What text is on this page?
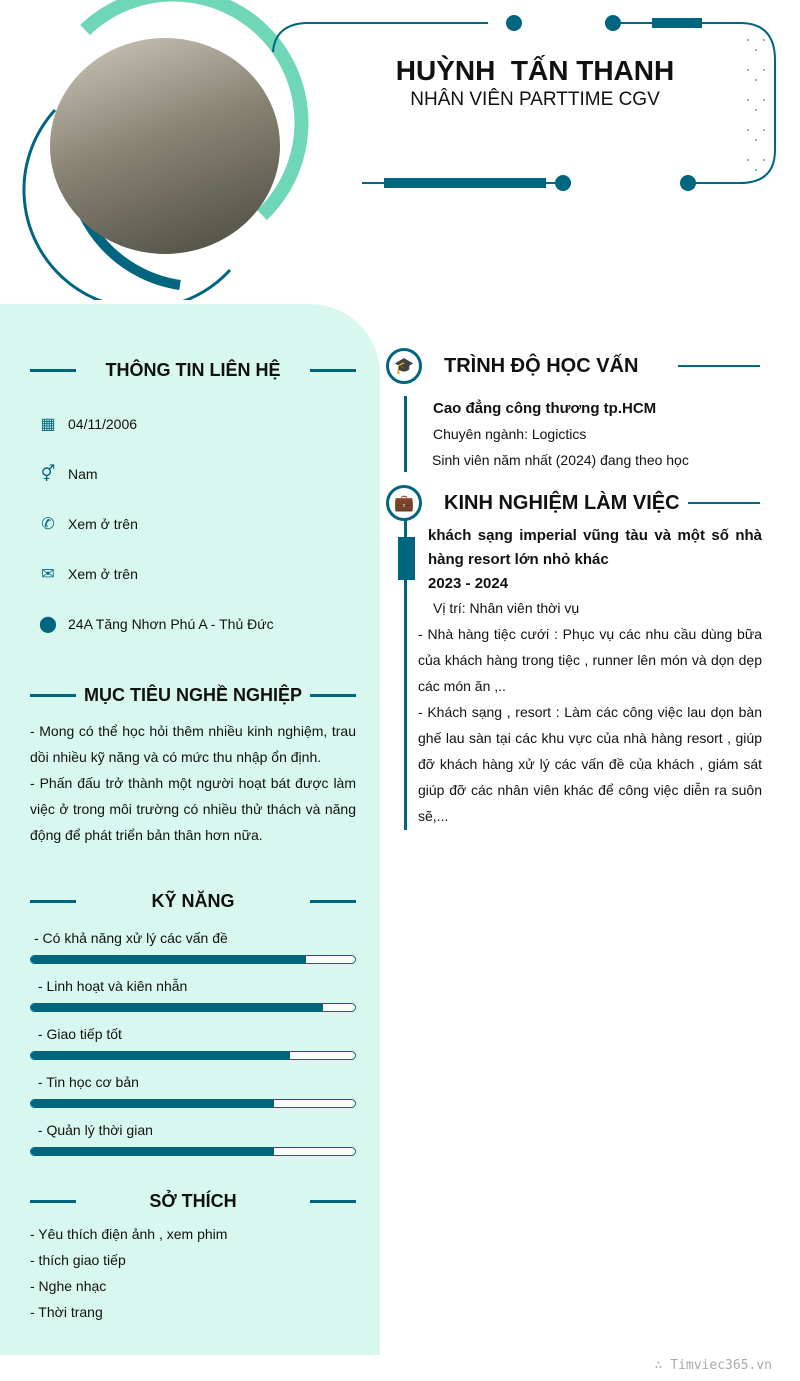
HUỲNH  TẤN THANH
NHÂN VIÊN PARTTIME CGV
THÔNG TIN LIÊN HỆ
▦ 04/11/2006
⚥ Nam
✆ Xem ở trên
✉ Xem ở trên
⬤ 24A Tăng Nhơn Phú A - Thủ Đức
MỤC TIÊU NGHỀ NGHIỆP
- Mong có thể học hỏi thêm nhiều kinh nghiệm, trau dồi nhiều kỹ năng và có mức thu nhập ổn định.
- Phấn đấu trở thành một người hoạt bát được làm việc ở trong môi trường có nhiều thử thách và năng động để phát triển bản thân hơn nữa.
KỸ NĂNG
- Có khả năng xử lý các vấn đề
- Linh hoạt và kiên nhẫn
- Giao tiếp tốt
- Tin học cơ bản
- Quản lý thời gian
SỞ THÍCH
- Yêu thích điện ảnh , xem phim
- thích giao tiếp
- Nghe nhạc
- Thời trang
🎓	TRÌNH ĐỘ HỌC VẤN
Cao đẳng công thương tp.HCM
Chuyên ngành: Logictics
Sinh viên năm nhất (2024) đang theo học
💼	KINH NGHIỆM LÀM VIỆC
khách sạng imperial vũng tàu và một số nhà hàng resort lớn nhỏ khác
2023 - 2024
Vị trí: Nhân viên thời vụ
- Nhà hàng tiệc cưới : Phục vụ các nhu cầu dùng bữa của khách hàng trong tiệc , runner lên món và dọn dẹp các món ăn ,..
- Khách sạng , resort : Làm các công việc lau dọn bàn ghế lau sàn tại các khu vực của nhà hàng resort , giúp đỡ khách hàng xử lý các vấn đề của khách , giám sát giúp đỡ các nhân viên khác để công việc diễn ra suôn sẽ,...
∴ Timviec365.vn
